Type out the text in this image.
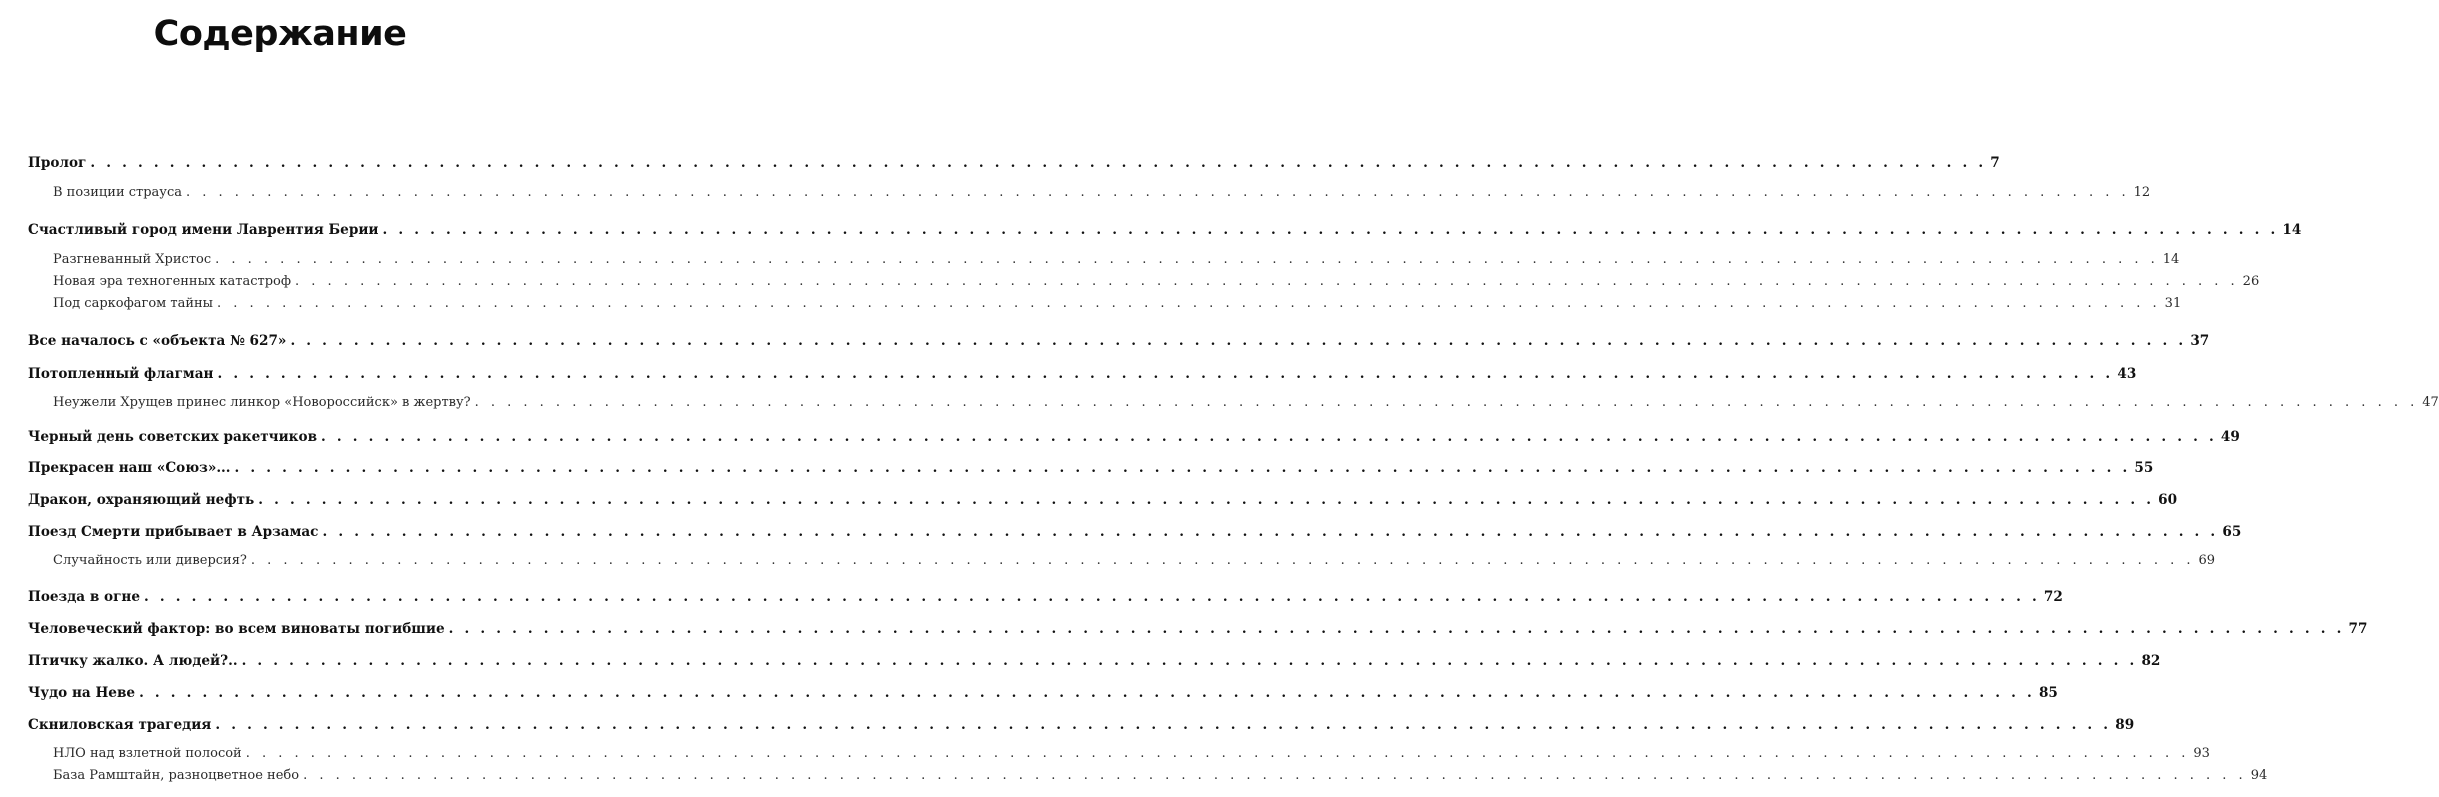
Содержание
Пролог . . . . . . . . . . . . . . . . . . . . . . . . . . . . . . . . . . . . . . . . . . . . . . . . . . . . . . . . . . . . . . . . . . . . . . . . . . . . . . . . . . . . . . . . . . . . . . . . . . . . . . . . . . . . . . . . . . . . . . . . 7
В позиции страуса . . . . . . . . . . . . . . . . . . . . . . . . . . . . . . . . . . . . . . . . . . . . . . . . . . . . . . . . . . . . . . . . . . . . . . . . . . . . . . . . . . . . . . . . . . . . . . . . . . . . . . . . . . . . . . . . . . . . . . . . 12
Счастливый город имени Лаврентия Берии . . . . . . . . . . . . . . . . . . . . . . . . . . . . . . . . . . . . . . . . . . . . . . . . . . . . . . . . . . . . . . . . . . . . . . . . . . . . . . . . . . . . . . . . . . . . . . . . . . . . . . . . . . . . . . . . . . . . . . . . 14
Разгневанный Христос . . . . . . . . . . . . . . . . . . . . . . . . . . . . . . . . . . . . . . . . . . . . . . . . . . . . . . . . . . . . . . . . . . . . . . . . . . . . . . . . . . . . . . . . . . . . . . . . . . . . . . . . . . . . . . . . . . . . . . . . 14
Новая эра техногенных катастроф . . . . . . . . . . . . . . . . . . . . . . . . . . . . . . . . . . . . . . . . . . . . . . . . . . . . . . . . . . . . . . . . . . . . . . . . . . . . . . . . . . . . . . . . . . . . . . . . . . . . . . . . . . . . . . . . . . . . . . . . 26
Под саркофагом тайны . . . . . . . . . . . . . . . . . . . . . . . . . . . . . . . . . . . . . . . . . . . . . . . . . . . . . . . . . . . . . . . . . . . . . . . . . . . . . . . . . . . . . . . . . . . . . . . . . . . . . . . . . . . . . . . . . . . . . . . . 31
Все началось с «объекта № 627» . . . . . . . . . . . . . . . . . . . . . . . . . . . . . . . . . . . . . . . . . . . . . . . . . . . . . . . . . . . . . . . . . . . . . . . . . . . . . . . . . . . . . . . . . . . . . . . . . . . . . . . . . . . . . . . . . . . . . . . . 37
Потопленный флагман . . . . . . . . . . . . . . . . . . . . . . . . . . . . . . . . . . . . . . . . . . . . . . . . . . . . . . . . . . . . . . . . . . . . . . . . . . . . . . . . . . . . . . . . . . . . . . . . . . . . . . . . . . . . . . . . . . . . . . . . 43
Неужели Хрущев принес линкор «Новороссийск» в жертву? . . . . . . . . . . . . . . . . . . . . . . . . . . . . . . . . . . . . . . . . . . . . . . . . . . . . . . . . . . . . . . . . . . . . . . . . . . . . . . . . . . . . . . . . . . . . . . . . . . . . . . . . . . . . . . . . . . . . . . . . 47
Черный день советских ракетчиков . . . . . . . . . . . . . . . . . . . . . . . . . . . . . . . . . . . . . . . . . . . . . . . . . . . . . . . . . . . . . . . . . . . . . . . . . . . . . . . . . . . . . . . . . . . . . . . . . . . . . . . . . . . . . . . . . . . . . . . . 49
Прекрасен наш «Союз»... . . . . . . . . . . . . . . . . . . . . . . . . . . . . . . . . . . . . . . . . . . . . . . . . . . . . . . . . . . . . . . . . . . . . . . . . . . . . . . . . . . . . . . . . . . . . . . . . . . . . . . . . . . . . . . . . . . . . . . . . 55
Дракон, охраняющий нефть . . . . . . . . . . . . . . . . . . . . . . . . . . . . . . . . . . . . . . . . . . . . . . . . . . . . . . . . . . . . . . . . . . . . . . . . . . . . . . . . . . . . . . . . . . . . . . . . . . . . . . . . . . . . . . . . . . . . . . . . 60
Поезд Смерти прибывает в Арзамас . . . . . . . . . . . . . . . . . . . . . . . . . . . . . . . . . . . . . . . . . . . . . . . . . . . . . . . . . . . . . . . . . . . . . . . . . . . . . . . . . . . . . . . . . . . . . . . . . . . . . . . . . . . . . . . . . . . . . . . . 65
Случайность или диверсия? . . . . . . . . . . . . . . . . . . . . . . . . . . . . . . . . . . . . . . . . . . . . . . . . . . . . . . . . . . . . . . . . . . . . . . . . . . . . . . . . . . . . . . . . . . . . . . . . . . . . . . . . . . . . . . . . . . . . . . . . 69
Поезда в огне . . . . . . . . . . . . . . . . . . . . . . . . . . . . . . . . . . . . . . . . . . . . . . . . . . . . . . . . . . . . . . . . . . . . . . . . . . . . . . . . . . . . . . . . . . . . . . . . . . . . . . . . . . . . . . . . . . . . . . . . 72
Человеческий фактор: во всем виноваты погибшие . . . . . . . . . . . . . . . . . . . . . . . . . . . . . . . . . . . . . . . . . . . . . . . . . . . . . . . . . . . . . . . . . . . . . . . . . . . . . . . . . . . . . . . . . . . . . . . . . . . . . . . . . . . . . . . . . . . . . . . . 77
Птичку жалко. А людей?.. . . . . . . . . . . . . . . . . . . . . . . . . . . . . . . . . . . . . . . . . . . . . . . . . . . . . . . . . . . . . . . . . . . . . . . . . . . . . . . . . . . . . . . . . . . . . . . . . . . . . . . . . . . . . . . . . . . . . . . . . 82
Чудо на Неве . . . . . . . . . . . . . . . . . . . . . . . . . . . . . . . . . . . . . . . . . . . . . . . . . . . . . . . . . . . . . . . . . . . . . . . . . . . . . . . . . . . . . . . . . . . . . . . . . . . . . . . . . . . . . . . . . . . . . . . . 85
Скниловская трагедия . . . . . . . . . . . . . . . . . . . . . . . . . . . . . . . . . . . . . . . . . . . . . . . . . . . . . . . . . . . . . . . . . . . . . . . . . . . . . . . . . . . . . . . . . . . . . . . . . . . . . . . . . . . . . . . . . . . . . . . . 89
НЛО над взлетной полосой . . . . . . . . . . . . . . . . . . . . . . . . . . . . . . . . . . . . . . . . . . . . . . . . . . . . . . . . . . . . . . . . . . . . . . . . . . . . . . . . . . . . . . . . . . . . . . . . . . . . . . . . . . . . . . . . . . . . . . . . 93
База Рамштайн, разноцветное небо . . . . . . . . . . . . . . . . . . . . . . . . . . . . . . . . . . . . . . . . . . . . . . . . . . . . . . . . . . . . . . . . . . . . . . . . . . . . . . . . . . . . . . . . . . . . . . . . . . . . . . . . . . . . . . . . . . . . . . . . 94
